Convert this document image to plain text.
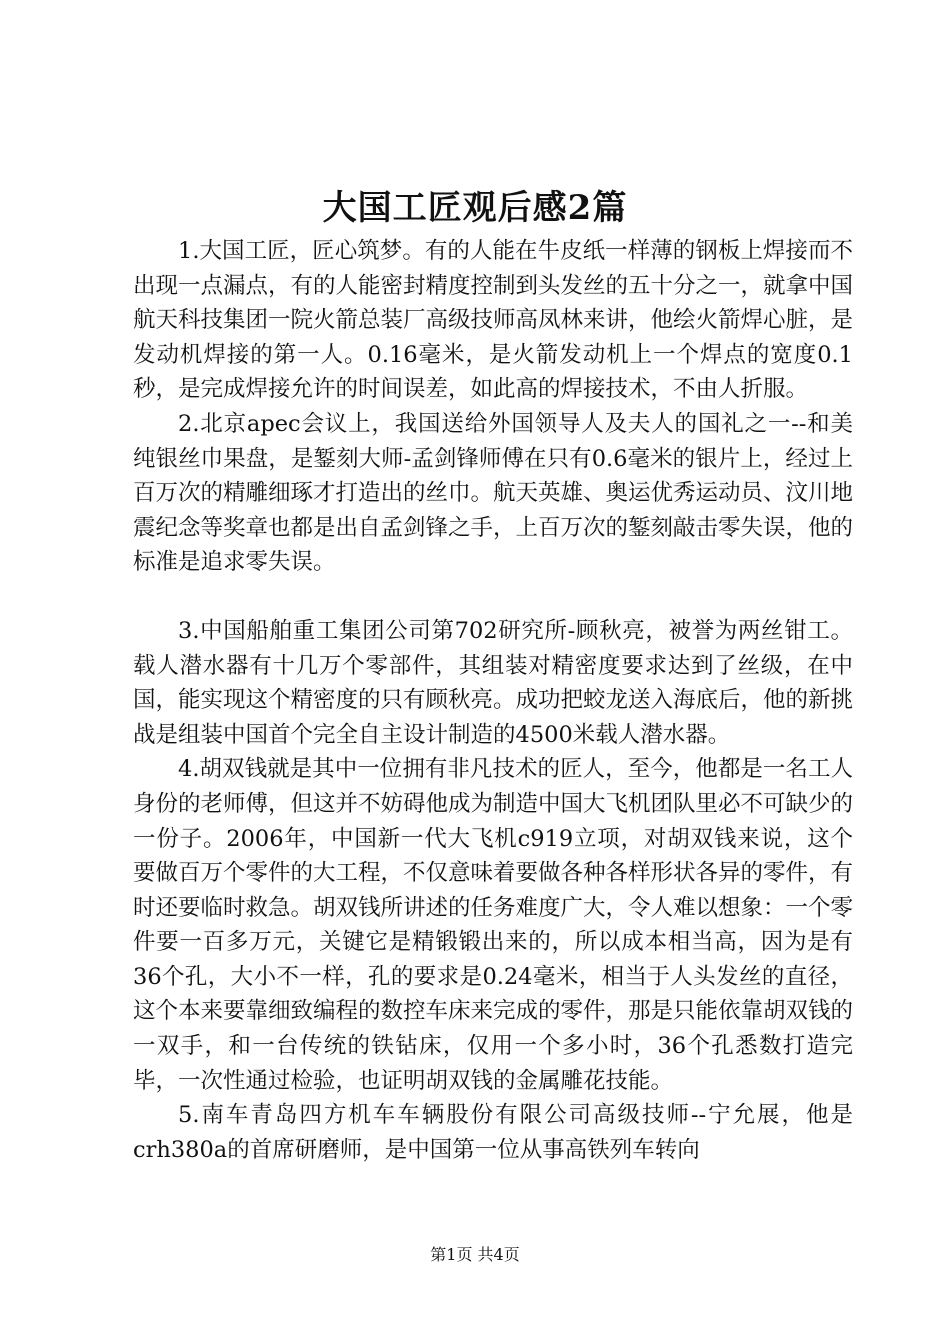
大国工匠观后感2篇

1.大国工匠，匠心筑梦。有的人能在牛皮纸一样薄的钢板上焊接而不出现一点漏点，有的人能密封精度控制到头发丝的五十分之一，就拿中国航天科技集团一院火箭总装厂高级技师高凤林来讲，他绘火箭焊心脏，是发动机焊接的第一人。0.16毫米，是火箭发动机上一个焊点的宽度0.1秒，是完成焊接允许的时间误差，如此高的焊接技术，不由人折服。

2.北京apec会议上，我国送给外国领导人及夫人的国礼之一--和美纯银丝巾果盘，是錾刻大师-孟剑锋师傅在只有0.6毫米的银片上，经过上百万次的精雕细琢才打造出的丝巾。航天英雄、奥运优秀运动员、汶川地震纪念等奖章也都是出自孟剑锋之手，上百万次的錾刻敲击零失误，他的标准是追求零失误。

3.中国船舶重工集团公司第702研究所-顾秋亮，被誉为两丝钳工。载人潜水器有十几万个零部件，其组装对精密度要求达到了丝级，在中国，能实现这个精密度的只有顾秋亮。成功把蛟龙送入海底后，他的新挑战是组装中国首个完全自主设计制造的4500米载人潜水器。

4.胡双钱就是其中一位拥有非凡技术的匠人，至今，他都是一名工人身份的老师傅，但这并不妨碍他成为制造中国大飞机团队里必不可缺少的一份子。2006年，中国新一代大飞机c919立项，对胡双钱来说，这个要做百万个零件的大工程，不仅意味着要做各种各样形状各异的零件，有时还要临时救急。胡双钱所讲述的任务难度广大，令人难以想象：一个零件要一百多万元，关键它是精锻锻出来的，所以成本相当高，因为是有36个孔，大小不一样，孔的要求是0.24毫米，相当于人头发丝的直径，这个本来要靠细致编程的数控车床来完成的零件，那是只能依靠胡双钱的一双手，和一台传统的铁钻床，仅用一个多小时，36个孔悉数打造完毕，一次性通过检验，也证明胡双钱的金属雕花技能。

5.南车青岛四方机车车辆股份有限公司高级技师--宁允展，他是crh380a的首席研磨师，是中国第一位从事高铁列车转向

第1页 共4页
